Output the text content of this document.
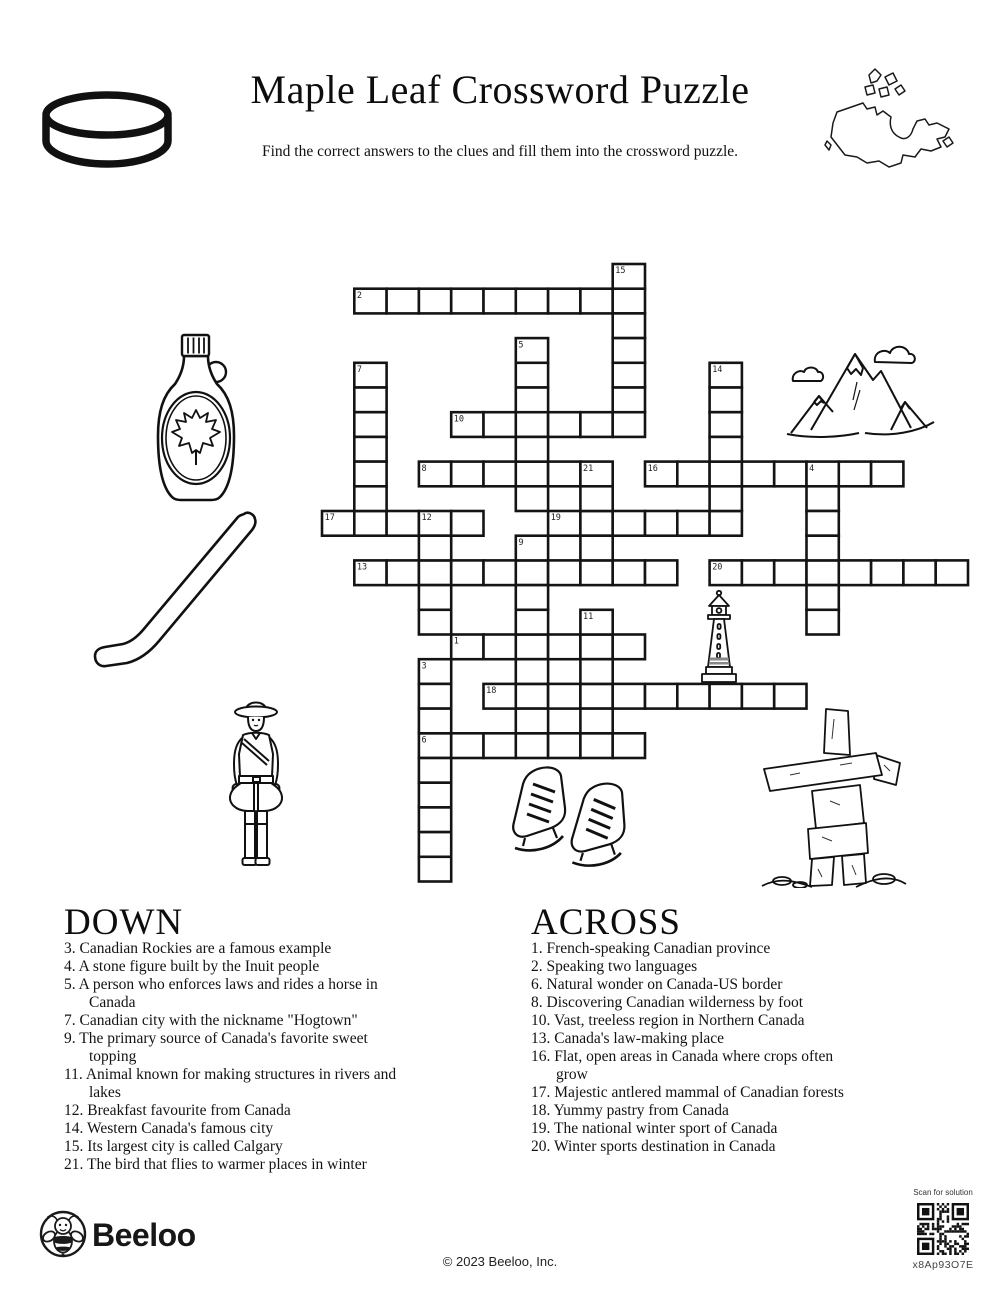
Maple Leaf Crossword Puzzle
Find the correct answers to the clues and fill them into the crossword puzzle.
1
2
6
8	21
10
13
16	4
17	12
18
19
20
3
5
7
9
11
14
15
DOWN
3. Canadian Rockies are a famous example
4. A stone figure built by the Inuit people
5. A person who enforces laws and rides a horse in Canada
7. Canadian city with the nickname "Hogtown"
9. The primary source of Canada's favorite sweet topping
11. Animal known for making structures in rivers and lakes
12. Breakfast favourite from Canada
14. Western Canada's famous city
15. Its largest city is called Calgary
21. The bird that flies to warmer places in winter
ACROSS
1. French-speaking Canadian province
2. Speaking two languages
6. Natural wonder on Canada-US border
8. Discovering Canadian wilderness by foot
10. Vast, treeless region in Northern Canada
13. Canada's law-making place
16. Flat, open areas in Canada where crops often grow
17. Majestic antlered mammal of Canadian forests
18. Yummy pastry from Canada
19. The national winter sport of Canada
20. Winter sports destination in Canada
Beeloo
© 2023 Beeloo, Inc.
Scan for solution
x8Ap93O7E
